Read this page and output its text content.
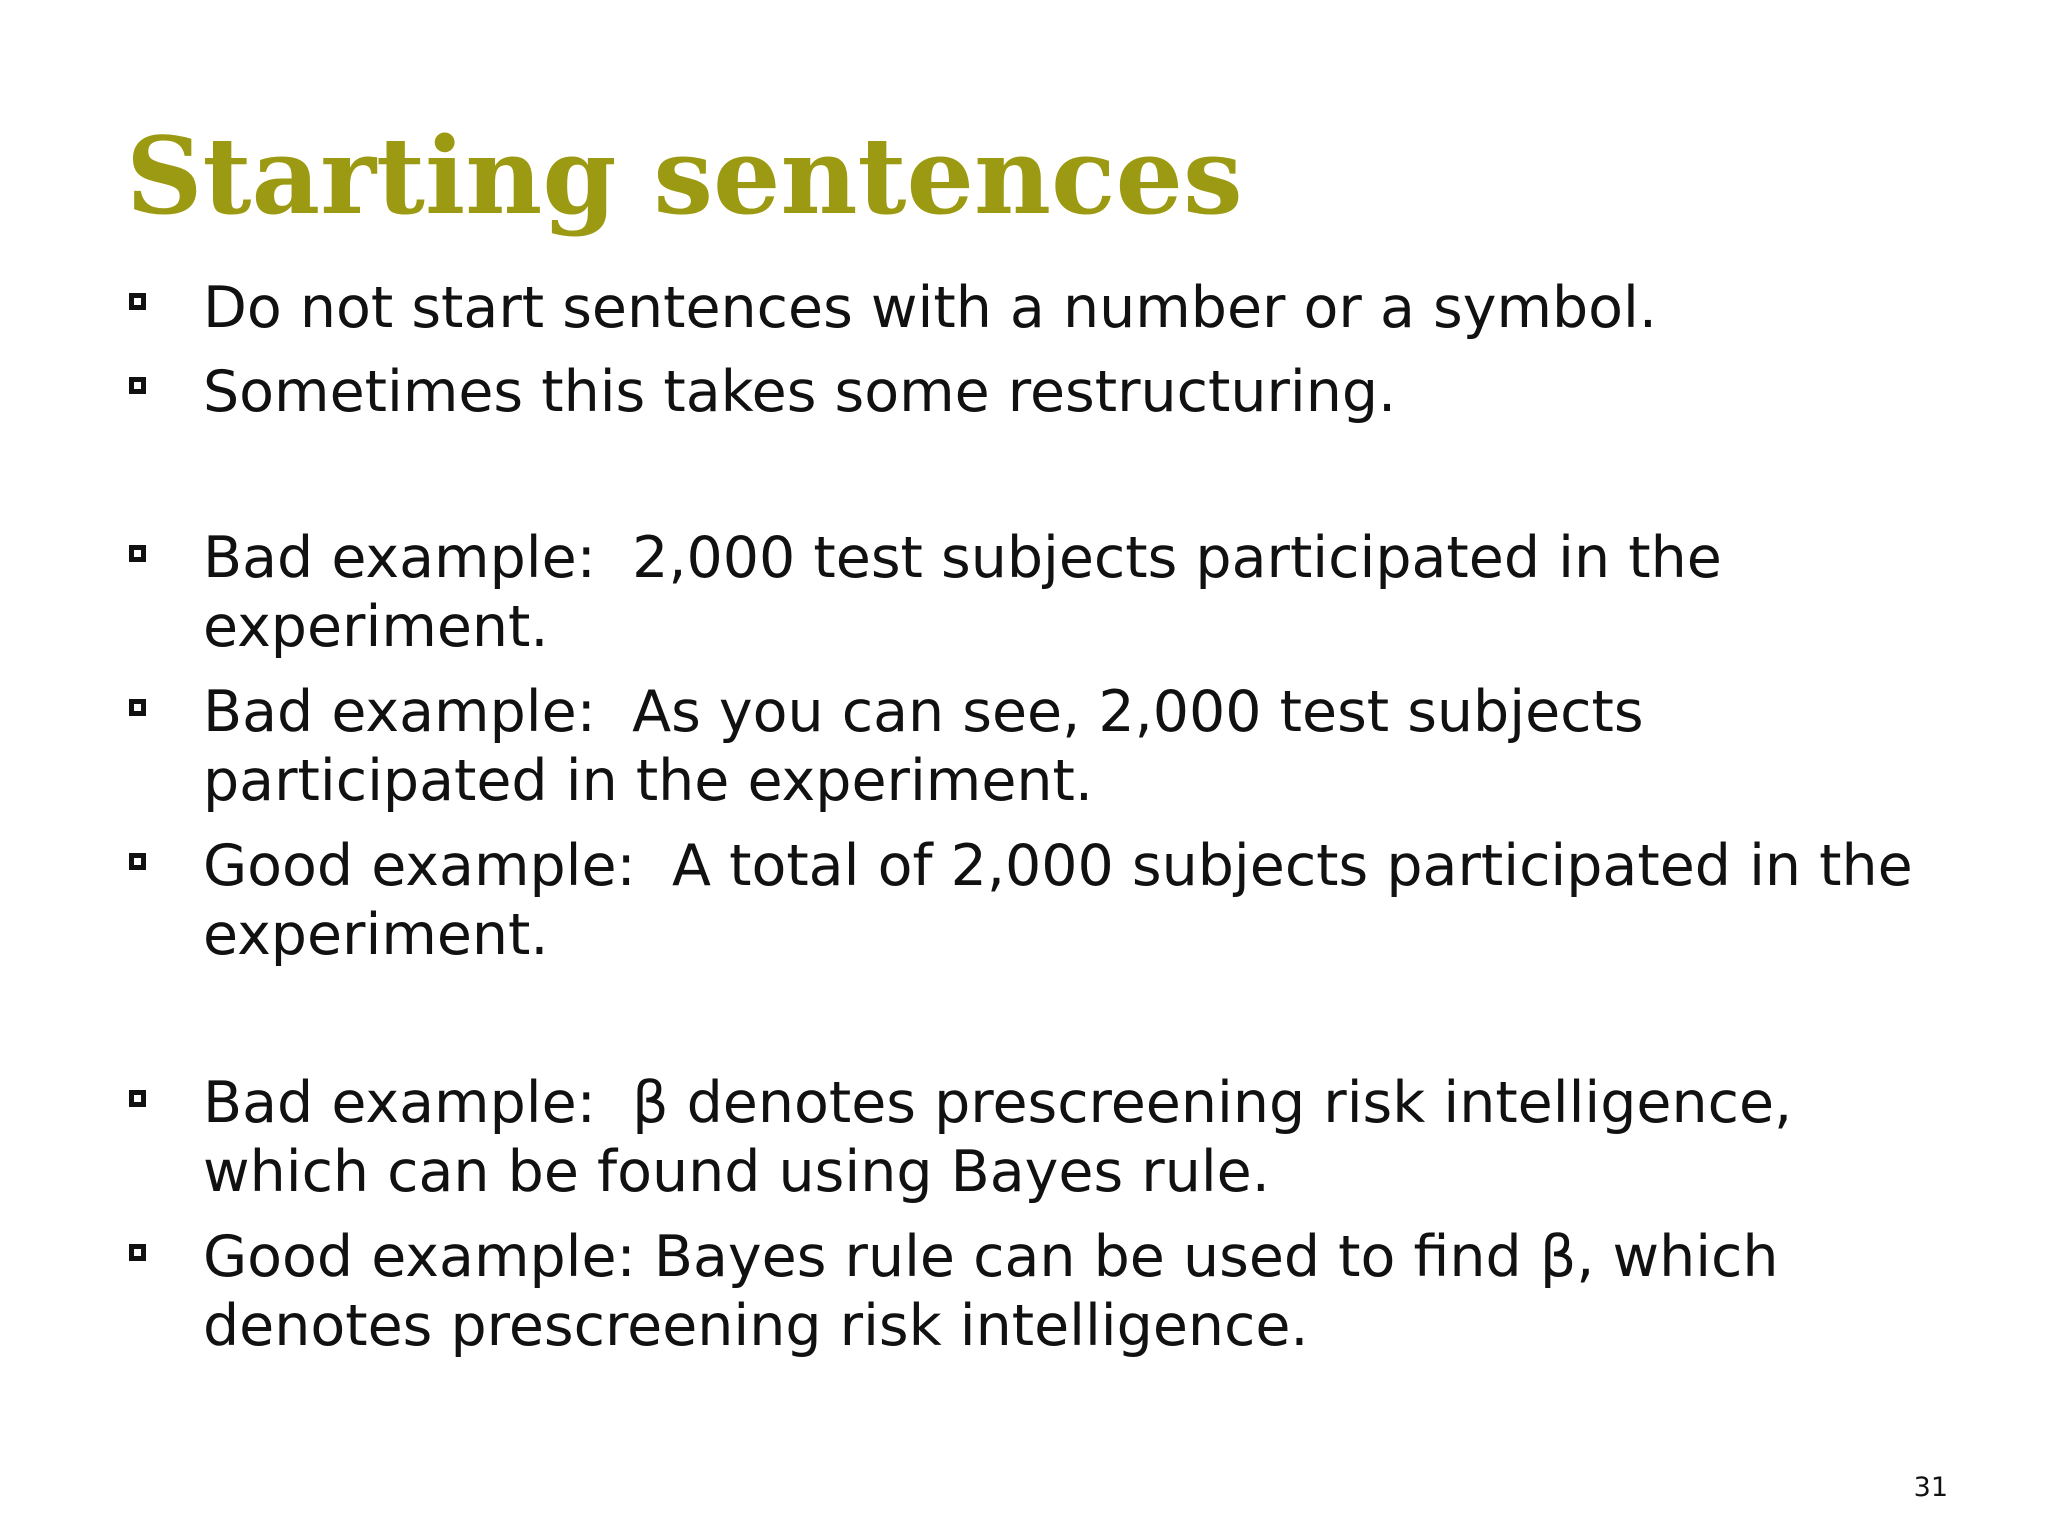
Starting sentences

Do not start sentences with a number or a symbol.

Sometimes this takes some restructuring.

Bad example:  2,000 test subjects participated in the experiment.

Bad example:  As you can see, 2,000 test subjects participated in the experiment.

Good example:  A total of 2,000 subjects participated in the experiment.

Bad example:  β denotes prescreening risk intelligence, which can be found using Bayes rule.

Good example: Bayes rule can be used to find β, which denotes prescreening risk intelligence.

31
